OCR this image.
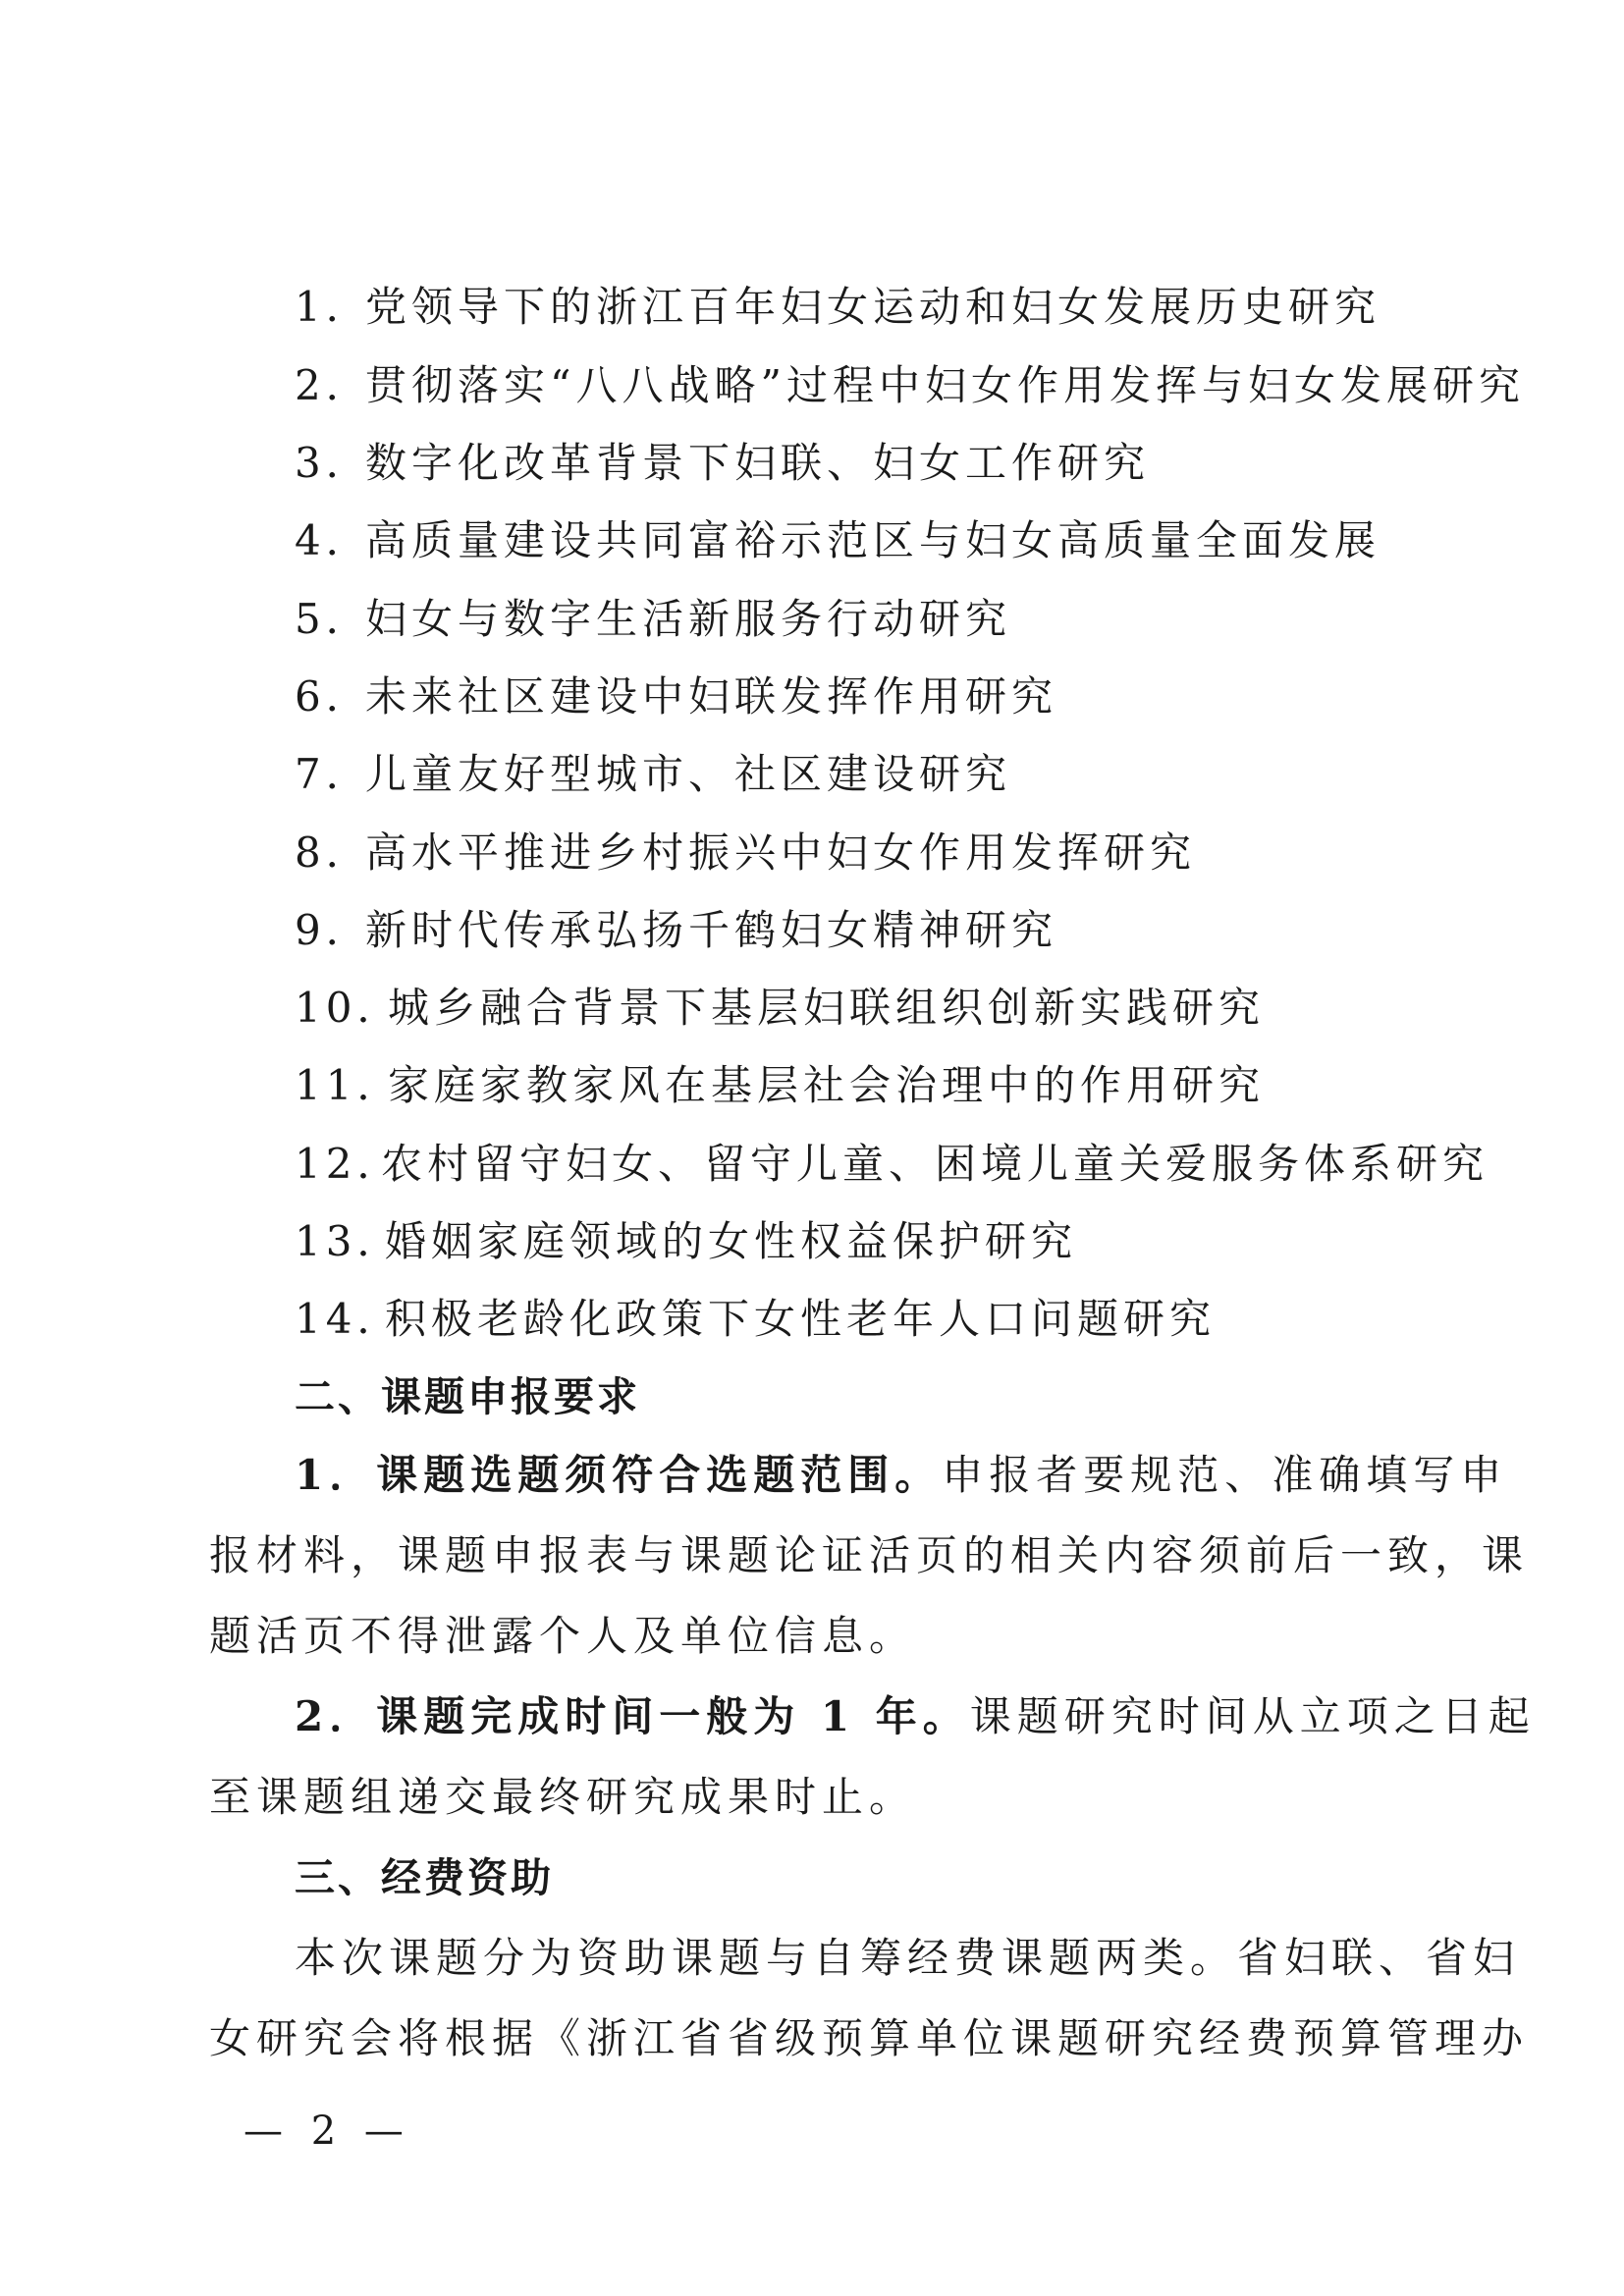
1．
党领导下的浙江百年妇女运动和妇女发展历史研究
2．
贯彻落实“八八战略”过程中妇女作用发挥与妇女发展研究
3．
数字化改革背景下妇联、妇女工作研究
4．
高质量建设共同富裕示范区与妇女高质量全面发展
5．
妇女与数字生活新服务行动研究
6．
未来社区建设中妇联发挥作用研究
7．
儿童友好型城市、社区建设研究
8．
高水平推进乡村振兴中妇女作用发挥研究
9．
新时代传承弘扬千鹤妇女精神研究
10．
城乡融合背景下基层妇联组织创新实践研究
11．
家庭家教家风在基层社会治理中的作用研究
12．
农村留守妇女、留守儿童、困境儿童关爱服务体系研究
13．
婚姻家庭领域的女性权益保护研究
14．
积极老龄化政策下女性老年人口问题研究
二、课题申报要求
1．课题选题须符合选题范围。申报者要规范、准确填写申
报材料，课题申报表与课题论证活页的相关内容须前后一致，课
题活页不得泄露个人及单位信息。
2．课题完成时间一般为 1 年。课题研究时间从立项之日起
至课题组递交最终研究成果时止。
三、经费资助
本次课题分为资助课题与自筹经费课题两类。省妇联、省妇
女研究会将根据《浙江省省级预算单位课题研究经费预算管理办
— 2 —
